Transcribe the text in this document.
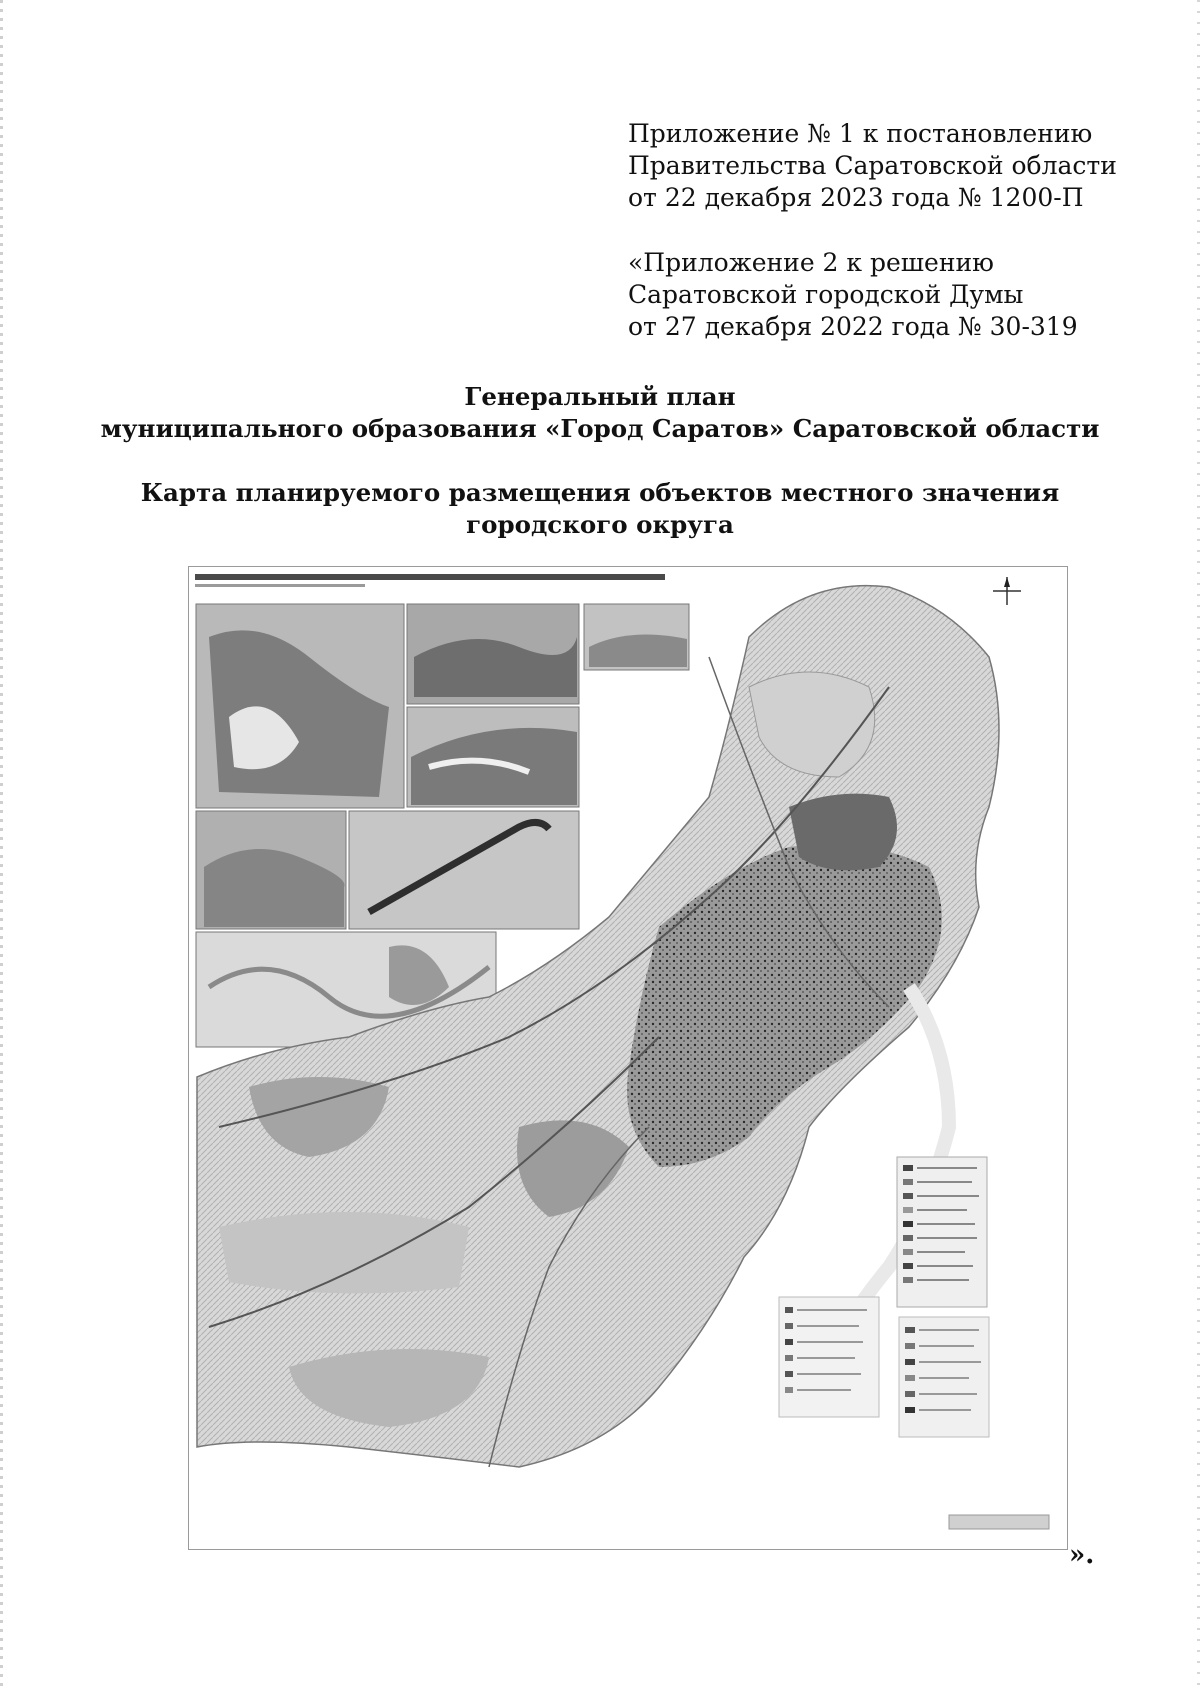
Приложение № 1 к постановлению
Правительства Саратовской области
от 22 декабря 2023 года № 1200-П
«Приложение 2 к решению
Саратовской городской Думы
от 27 декабря 2022 года № 30-319
Генеральный план
муниципального образования «Город Саратов» Саратовской области
Карта планируемого размещения объектов местного значения
городского округа
».
